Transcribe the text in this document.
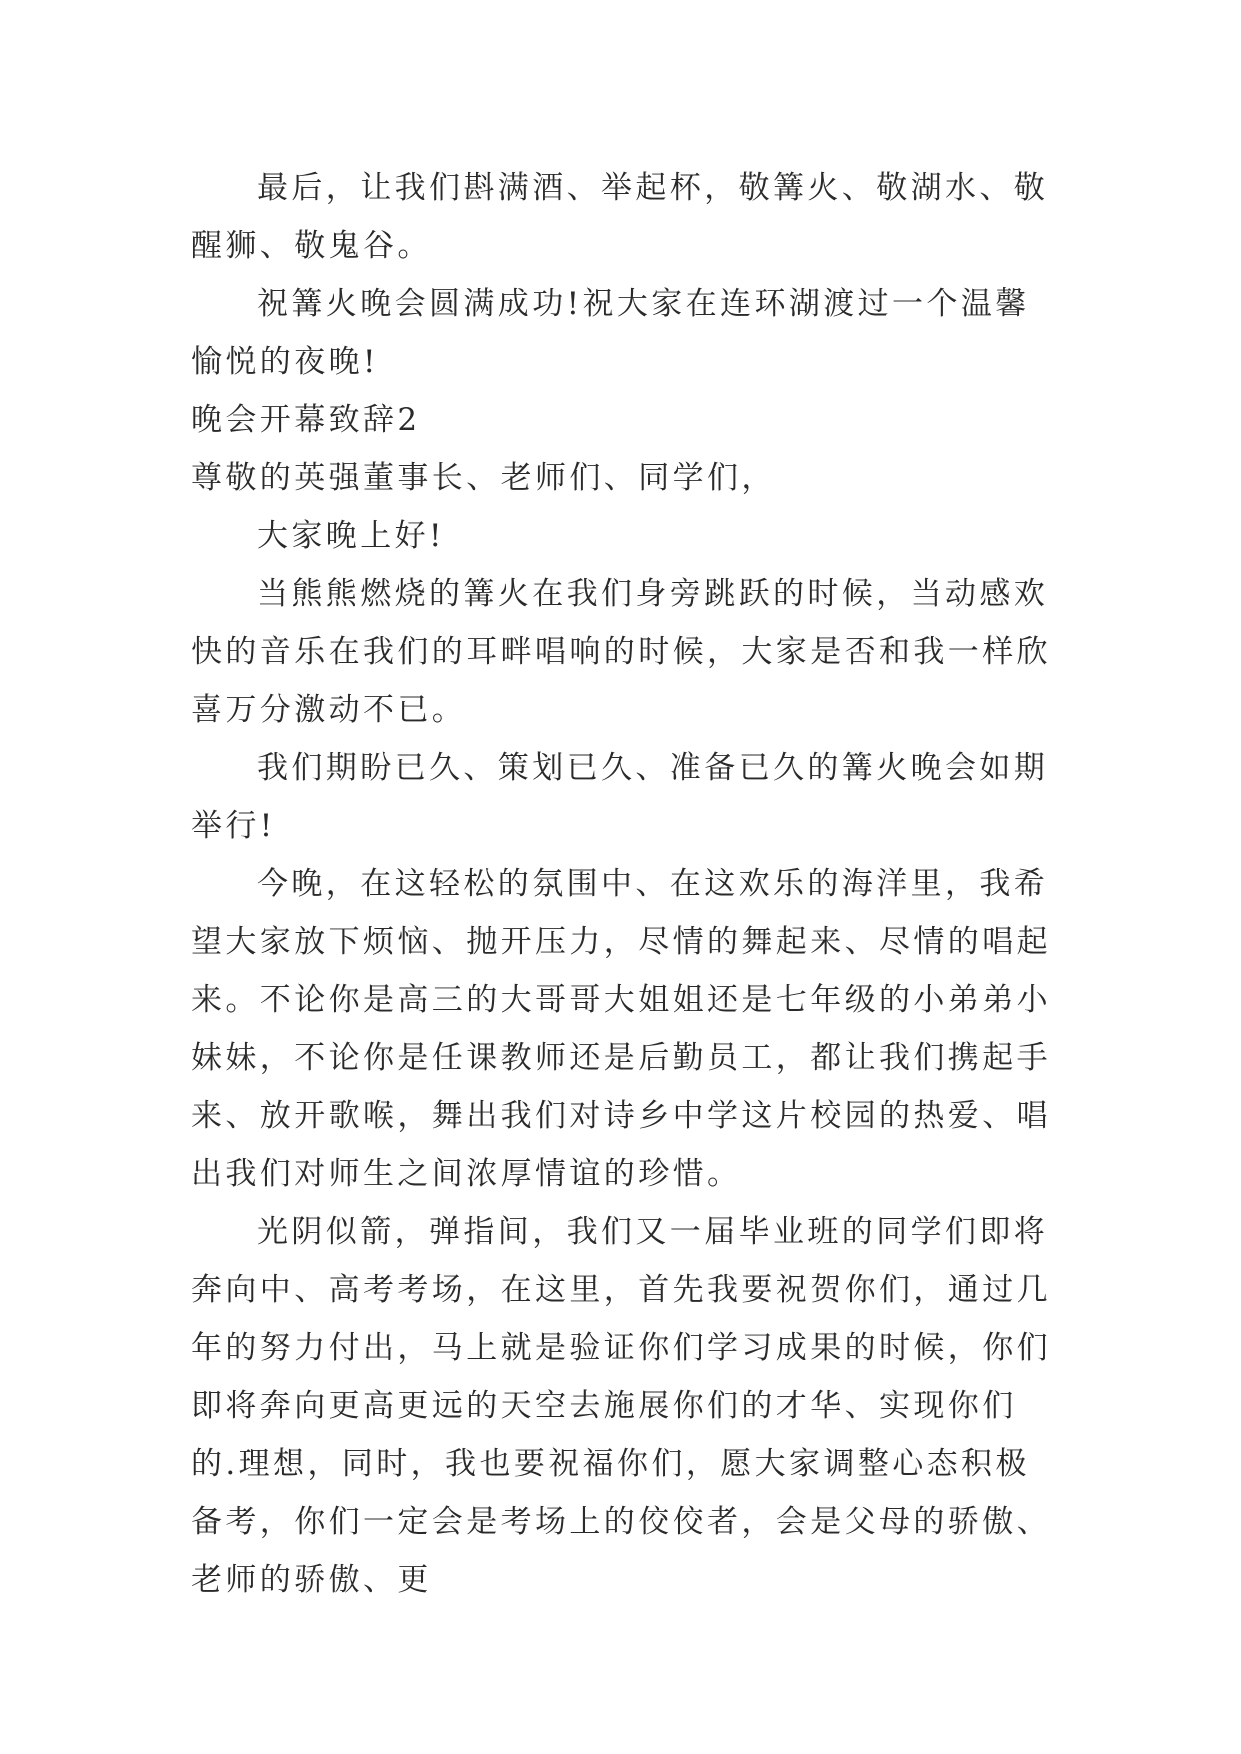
最后，让我们斟满酒、举起杯，敬篝火、敬湖水、敬醒狮、敬鬼谷。

祝篝火晚会圆满成功!祝大家在连环湖渡过一个温馨愉悦的夜晚!

晚会开幕致辞2

尊敬的英强董事长、老师们、同学们，

大家晚上好!

当熊熊燃烧的篝火在我们身旁跳跃的时候，当动感欢快的音乐在我们的耳畔唱响的时候，大家是否和我一样欣喜万分激动不已。

我们期盼已久、策划已久、准备已久的篝火晚会如期举行!

今晚，在这轻松的氛围中、在这欢乐的海洋里，我希望大家放下烦恼、抛开压力，尽情的舞起来、尽情的唱起来。不论你是高三的大哥哥大姐姐还是七年级的小弟弟小妹妹，不论你是任课教师还是后勤员工，都让我们携起手来、放开歌喉，舞出我们对诗乡中学这片校园的热爱、唱出我们对师生之间浓厚情谊的珍惜。

光阴似箭，弹指间，我们又一届毕业班的同学们即将奔向中、高考考场，在这里，首先我要祝贺你们，通过几年的努力付出，马上就是验证你们学习成果的时候，你们即将奔向更高更远的天空去施展你们的才华、实现你们的.理想，同时，我也要祝福你们，愿大家调整心态积极备考，你们一定会是考场上的佼佼者，会是父母的骄傲、老师的骄傲、更
